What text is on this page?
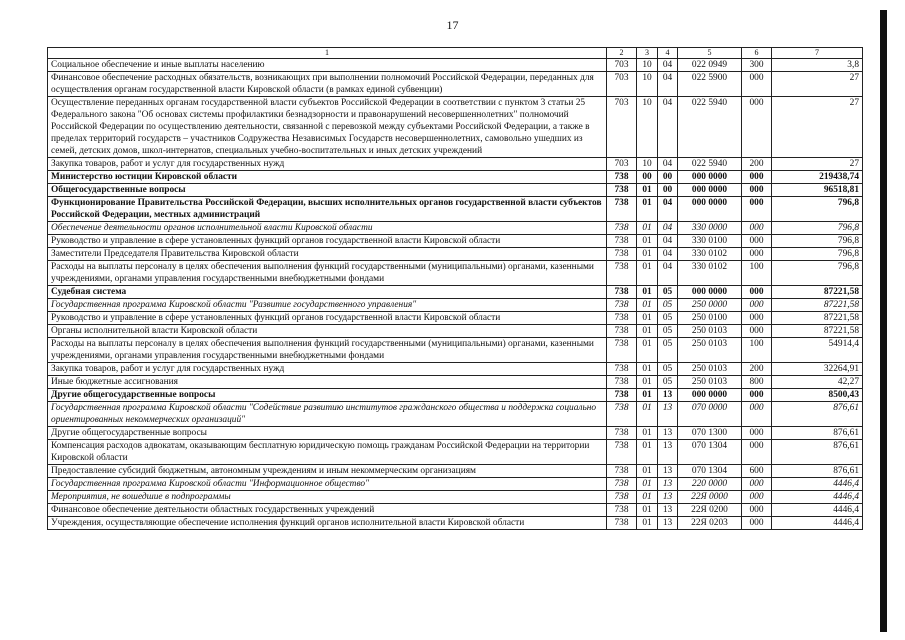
17
1	2	3	4	5	6	7
Социальное обеспечение и иные выплаты населению	703	10	04	022 0949	300	3,8
Финансовое обеспечение расходных обязательств, возникающих при выполнении полномочий Российской Федерации, переданных для осуществления органам государственной власти Кировской области (в рамках единой субвенции)	703	10	04	022 5900	000	27
Осуществление переданных органам государственной власти субъектов Российской Федерации в соответствии с пунктом 3 статьи 25 Федерального закона "Об основах системы профилактики безнадзорности и правонарушений несовершеннолетних" полномочий Российской Федерации по осуществлению деятельности, связанной с перевозкой между субъектами Российской Федерации, а также в пределах территорий государств – участников Содружества Независимых Государств несовершеннолетних, самовольно ушедших из семей, детских домов, школ-интернатов, специальных учебно-воспитательных и иных детских учреждений	703	10	04	022 5940	000	27
Закупка товаров, работ и услуг для государственных нужд	703	10	04	022 5940	200	27
Министерство юстиции Кировской области	738	00	00	000 0000	000	219438,74
Общегосударственные вопросы	738	01	00	000 0000	000	96518,81
Функционирование Правительства Российской Федерации, высших исполнительных органов государственной власти субъектов Российской Федерации, местных администраций	738	01	04	000 0000	000	796,8
Обеспечение деятельности органов исполнительной власти Кировской области	738	01	04	330 0000	000	796,8
Руководство и управление в сфере установленных функций органов государственной власти Кировской области	738	01	04	330 0100	000	796,8
Заместители Председателя Правительства Кировской области	738	01	04	330 0102	000	796,8
Расходы на выплаты персоналу в целях обеспечения выполнения функций государственными (муниципальными) органами, казенными учреждениями, органами управления государственными внебюджетными фондами	738	01	04	330 0102	100	796,8
Судебная система	738	01	05	000 0000	000	87221,58
Государственная программа Кировской области "Развитие государственного управления"	738	01	05	250 0000	000	87221,58
Руководство и управление в сфере установленных функций органов государственной власти Кировской области	738	01	05	250 0100	000	87221,58
Органы исполнительной власти Кировской области	738	01	05	250 0103	000	87221,58
Расходы на выплаты персоналу в целях обеспечения выполнения функций государственными (муниципальными) органами, казенными учреждениями, органами управления государственными внебюджетными фондами	738	01	05	250 0103	100	54914,4
Закупка товаров, работ и услуг для государственных нужд	738	01	05	250 0103	200	32264,91
Иные бюджетные ассигнования	738	01	05	250 0103	800	42,27
Другие общегосударственные вопросы	738	01	13	000 0000	000	8500,43
Государственная программа Кировской области "Содействие развитию институтов гражданского общества и поддержка социально ориентированных некоммерческих организаций"	738	01	13	070 0000	000	876,61
Другие общегосударственные вопросы	738	01	13	070 1300	000	876,61
Компенсация расходов адвокатам, оказывающим бесплатную юридическую помощь гражданам Российской Федерации на территории Кировской области	738	01	13	070 1304	000	876,61
Предоставление субсидий бюджетным, автономным учреждениям и иным некоммерческим организациям	738	01	13	070 1304	600	876,61
Государственная программа Кировской области "Информационное общество"	738	01	13	220 0000	000	4446,4
Мероприятия, не вошедшие в подпрограммы	738	01	13	22Я 0000	000	4446,4
Финансовое обеспечение деятельности областных государственных учреждений	738	01	13	22Я 0200	000	4446,4
Учреждения, осуществляющие обеспечение исполнения функций органов исполнительной власти Кировской области	738	01	13	22Я 0203	000	4446,4
